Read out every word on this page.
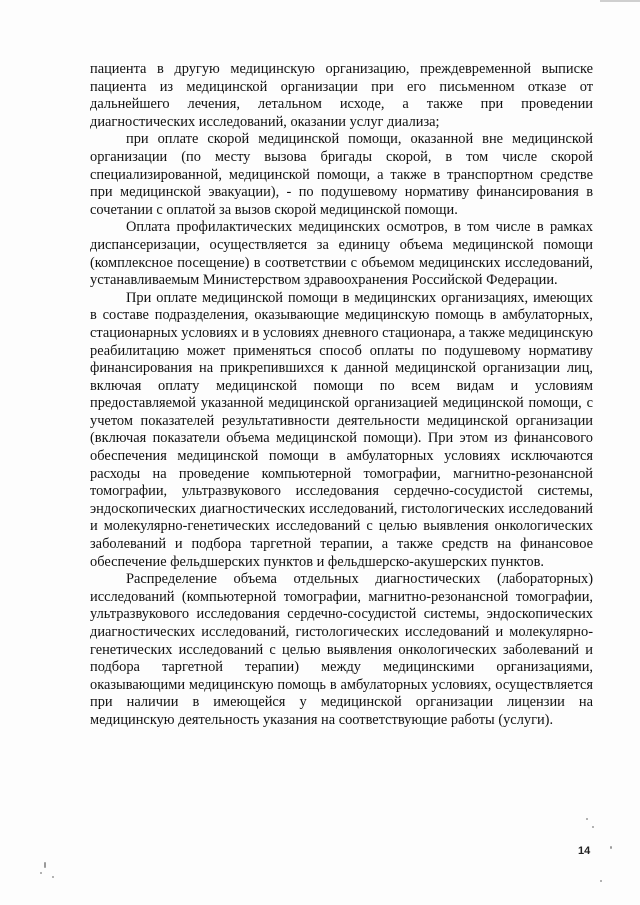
пациента в другую медицинскую организацию, преждевременной выписке пациента из медицинской организации при его письменном отказе от дальнейшего лечения, летальном исходе, а также при проведении диагностических исследований, оказании услуг диализа;

при оплате скорой медицинской помощи, оказанной вне медицинской организации (по месту вызова бригады скорой, в том числе скорой специализированной, медицинской помощи, а также в транспортном средстве при медицинской эвакуации), - по подушевому нормативу финансирования в сочетании с оплатой за вызов скорой медицинской помощи.

Оплата профилактических медицинских осмотров, в том числе в рамках диспансеризации, осуществляется за единицу объема медицинской помощи (комплексное посещение) в соответствии с объемом медицинских исследований, устанавливаемым Министерством здравоохранения Российской Федерации.

При оплате медицинской помощи в медицинских организациях, имеющих в составе подразделения, оказывающие медицинскую помощь в амбулаторных, стационарных условиях и в условиях дневного стационара, а также медицинскую реабилитацию может применяться способ оплаты по подушевому нормативу финансирования на прикрепившихся к данной медицинской организации лиц, включая оплату медицинской помощи по всем видам и условиям предоставляемой указанной медицинской организацией медицинской помощи, с учетом показателей результативности деятельности медицинской организации (включая показатели объема медицинской помощи). При этом из финансового обеспечения медицинской помощи в амбулаторных условиях исключаются расходы на проведение компьютерной томографии, магнитно-резонансной томографии, ультразвукового исследования сердечно-сосудистой системы, эндоскопических диагностических исследований, гистологических исследований и молекулярно-генетических исследований с целью выявления онкологических заболеваний и подбора таргетной терапии, а также средств на финансовое обеспечение фельдшерских пунктов и фельдшерско-акушерских пунктов.

Распределение объема отдельных диагностических (лабораторных) исследований (компьютерной томографии, магнитно-резонансной томографии, ультразвукового исследования сердечно-сосудистой системы, эндоскопических диагностических исследований, гистологических исследований и молекулярно-генетических исследований с целью выявления онкологических заболеваний и подбора таргетной терапии) между медицинскими организациями, оказывающими медицинскую помощь в амбулаторных условиях, осуществляется при наличии в имеющейся у медицинской организации лицензии на медицинскую деятельность указания на соответствующие работы (услуги).

14
